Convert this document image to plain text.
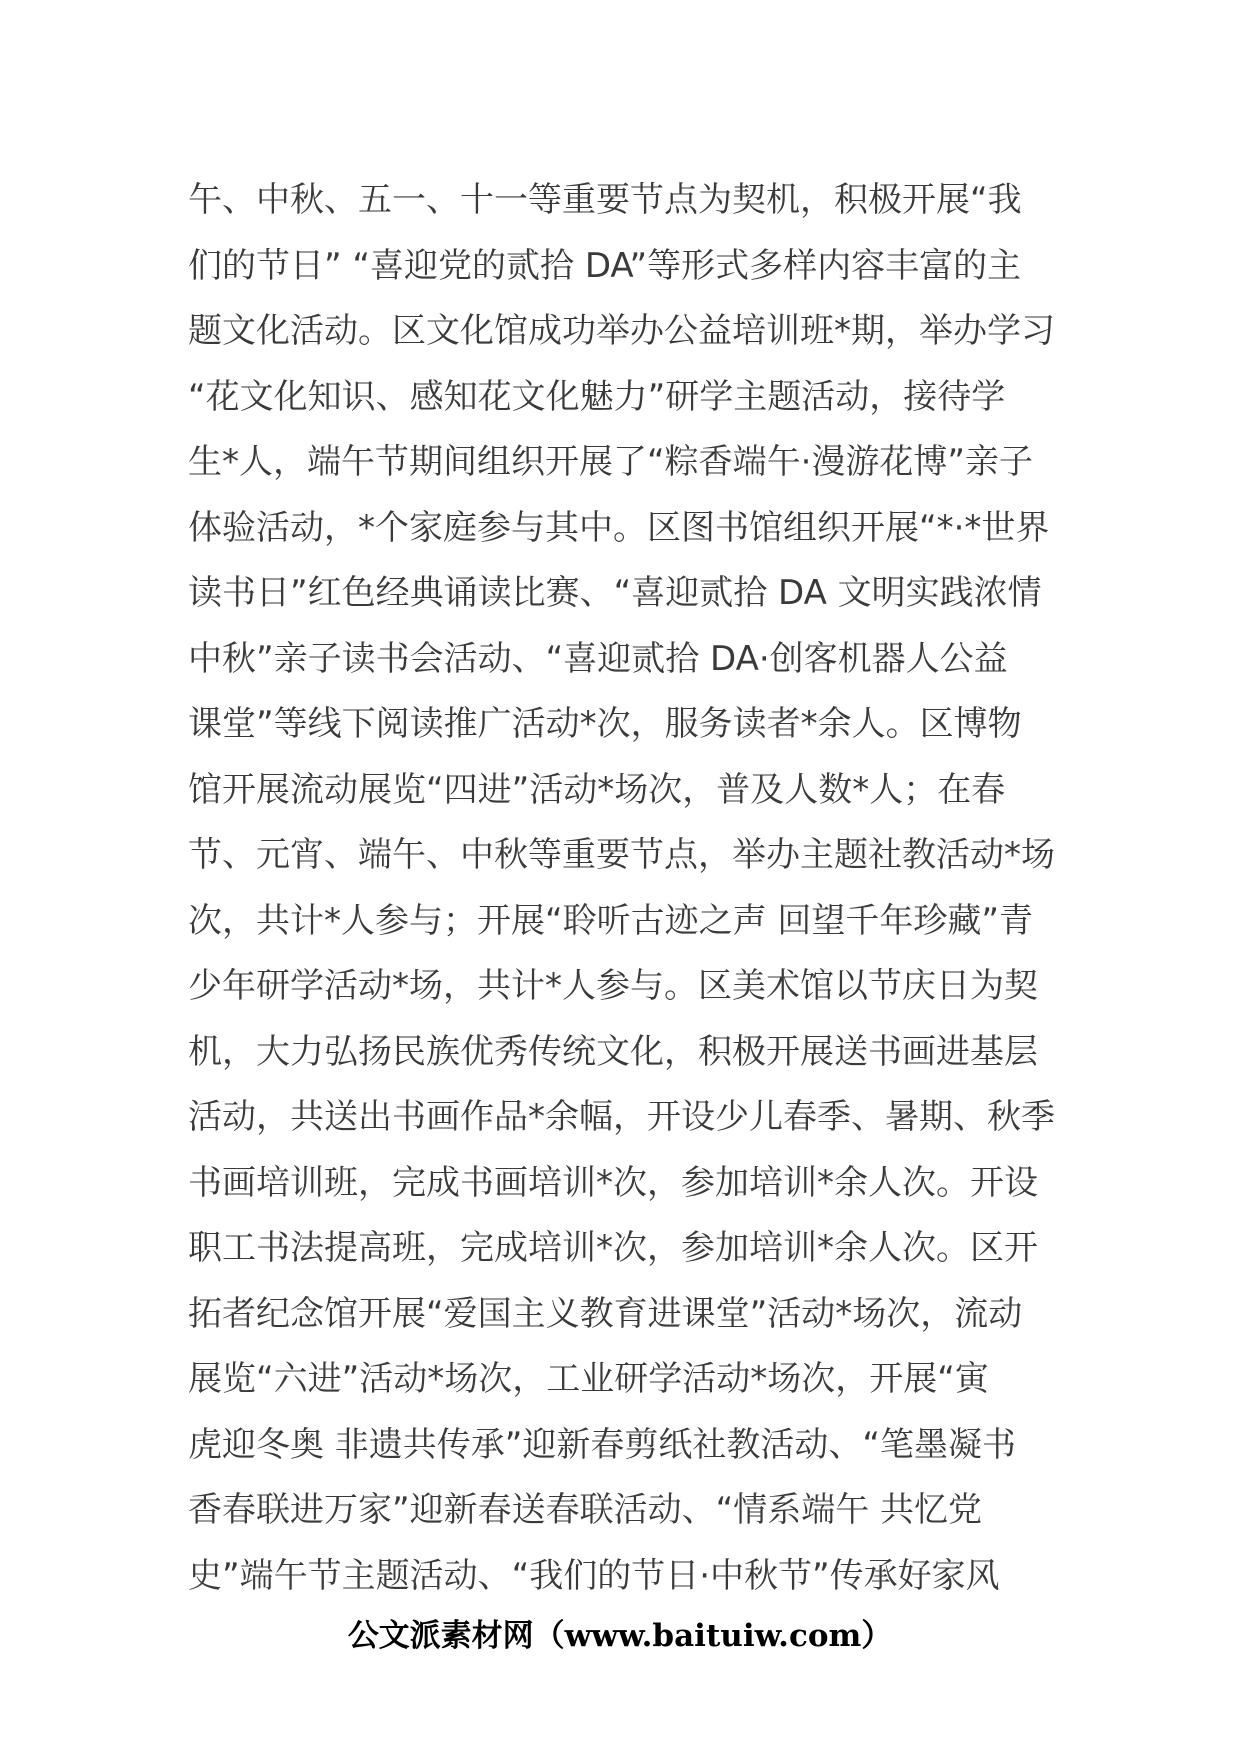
午、中秋、五一、十一等重要节点为契机，积极开展“我
们的节日” “喜迎党的贰拾 DA”等形式多样内容丰富的主
题文化活动。区文化馆成功举办公益培训班*期，举办学习
“花文化知识、感知花文化魅力”研学主题活动，接待学
生*人，端午节期间组织开展了“粽香端午·漫游花博”亲子
体验活动，*个家庭参与其中。区图书馆组织开展“*·*世界
读书日”红色经典诵读比赛、“喜迎贰拾 DA 文明实践浓情
中秋”亲子读书会活动、“喜迎贰拾 DA·创客机器人公益
课堂”等线下阅读推广活动*次，服务读者*余人。区博物
馆开展流动展览“四进”活动*场次，普及人数*人；在春
节、元宵、端午、中秋等重要节点，举办主题社教活动*场
次，共计*人参与；开展“聆听古迹之声 回望千年珍藏”青
少年研学活动*场，共计*人参与。区美术馆以节庆日为契
机，大力弘扬民族优秀传统文化，积极开展送书画进基层
活动，共送出书画作品*余幅，开设少儿春季、暑期、秋季
书画培训班，完成书画培训*次，参加培训*余人次。开设
职工书法提高班，完成培训*次，参加培训*余人次。区开
拓者纪念馆开展“爱国主义教育进课堂”活动*场次，流动
展览“六进”活动*场次，工业研学活动*场次，开展“寅
虎迎冬奥 非遗共传承”迎新春剪纸社教活动、“笔墨凝书
香春联进万家”迎新春送春联活动、“情系端午 共忆党
史”端午节主题活动、“我们的节日·中秋节”传承好家风
公文派素材网（www.baituiw.com）
